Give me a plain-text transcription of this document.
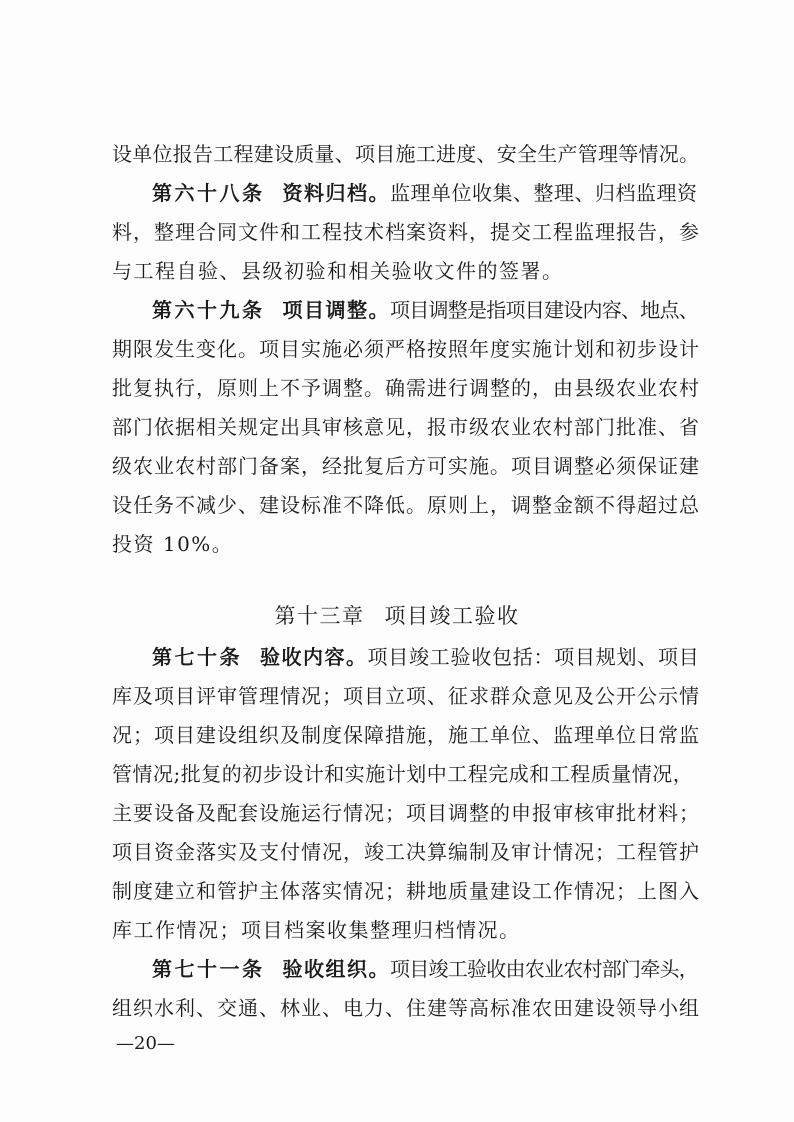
设单位报告工程建设质量、项目施工进度、安全生产管理等情况。
第六十八条 资料归档。监理单位收集、整理、归档监理资
料，整理合同文件和工程技术档案资料，提交工程监理报告，参
与工程自验、县级初验和相关验收文件的签署。
第六十九条 项目调整。项目调整是指项目建设内容、地点、
期限发生变化。项目实施必须严格按照年度实施计划和初步设计
批复执行，原则上不予调整。确需进行调整的，由县级农业农村
部门依据相关规定出具审核意见，报市级农业农村部门批准、省
级农业农村部门备案，经批复后方可实施。项目调整必须保证建
设任务不减少、建设标准不降低。原则上，调整金额不得超过总
投资 10%。
第十三章 项目竣工验收
第七十条 验收内容。项目竣工验收包括：项目规划、项目
库及项目评审管理情况；项目立项、征求群众意见及公开公示情
况；项目建设组织及制度保障措施，施工单位、监理单位日常监
管情况;批复的初步设计和实施计划中工程完成和工程质量情况，
主要设备及配套设施运行情况；项目调整的申报审核审批材料；
项目资金落实及支付情况，竣工决算编制及审计情况；工程管护
制度建立和管护主体落实情况；耕地质量建设工作情况；上图入
库工作情况；项目档案收集整理归档情况。
第七十一条 验收组织。项目竣工验收由农业农村部门牵头，
组织水利、交通、林业、电力、住建等高标准农田建设领导小组
—20—
